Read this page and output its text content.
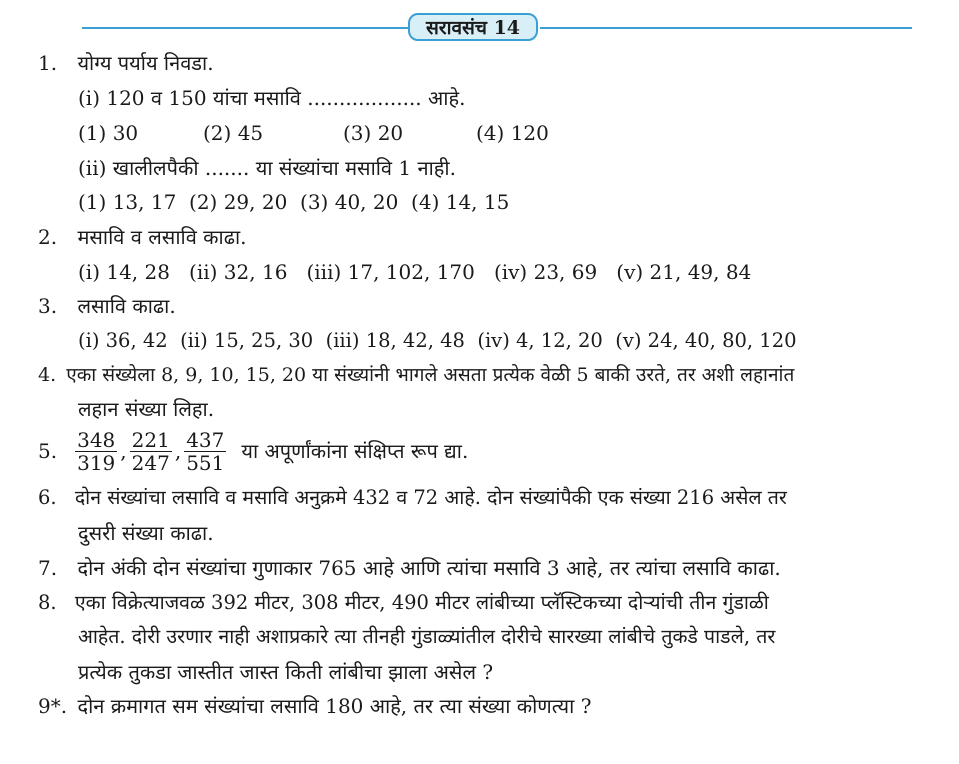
सरावसंच 14
1. योग्य पर्याय निवडा.
(i) 120 व 150 यांचा मसावि .................. आहे.
(1) 30	(2) 45	(3) 20	(4) 120
(ii) खालीलपैकी ....... या संख्यांचा मसावि 1 नाही.
(1) 13, 17  (2) 29, 20  (3) 40, 20  (4) 14, 15
2. मसावि व लसावि काढा.
(i) 14, 28   (ii) 32, 16   (iii) 17, 102, 170   (iv) 23, 69   (v) 21, 49, 84
3. लसावि काढा.
(i) 36, 42  (ii) 15, 25, 30  (iii) 18, 42, 48  (iv) 4, 12, 20  (v) 24, 40, 80, 120
4. एका संख्येला 8, 9, 10, 15, 20 या संख्यांनी भागले असता प्रत्येक वेळी 5 बाकी उरते, तर अशी लहानांत
लहान संख्या लिहा.
5. $\frac{348}{319}$ , $\frac{221}{247}$ , $\frac{437}{551}$ या अपूर्णांकांना संक्षिप्त रूप द्या.
6. दोन संख्यांचा लसावि व मसावि अनुक्रमे 432 व 72 आहे. दोन संख्यांपैकी एक संख्या 216 असेल तर
दुसरी संख्या काढा.
7. दोन अंकी दोन संख्यांचा गुणाकार 765 आहे आणि त्यांचा मसावि 3 आहे, तर त्यांचा लसावि काढा.
8. एका विक्रेत्याजवळ 392 मीटर, 308 मीटर, 490 मीटर लांबीच्या प्लॅस्टिकच्या दोऱ्यांची तीन गुंडाळी
आहेत. दोरी उरणार नाही अशाप्रकारे त्या तीनही गुंडाळ्यांतील दोरीचे सारख्या लांबीचे तुकडे पाडले, तर
प्रत्येक तुकडा जास्तीत जास्त किती लांबीचा झाला असेल ?
9*. दोन क्रमागत सम संख्यांचा लसावि 180 आहे, तर त्या संख्या कोणत्या ?
